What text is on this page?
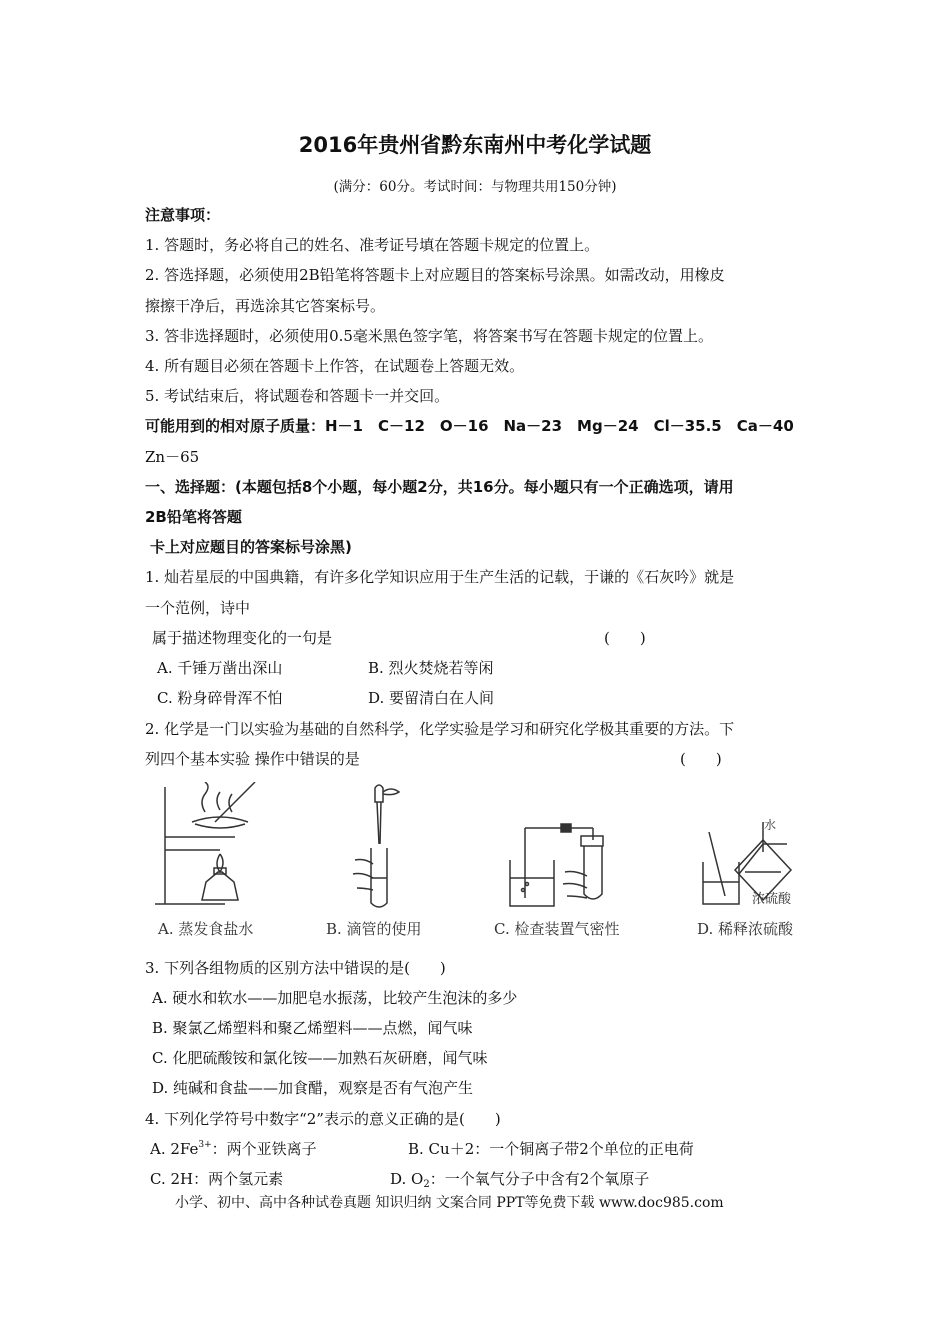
2016年贵州省黔东南州中考化学试题
(满分：60分。考试时间：与物理共用150分钟)
注意事项：
1. 答题时，务必将自己的姓名、准考证号填在答题卡规定的位置上。
2. 答选择题，必须使用2B铅笔将答题卡上对应题目的答案标号涂黑。如需改动，用橡皮
擦擦干净后，再选涂其它答案标号。
3. 答非选择题时，必须使用0.5毫米黑色签字笔，将答案书写在答题卡规定的位置上。
4. 所有题目必须在答题卡上作答，在试题卷上答题无效。
5. 考试结束后，将试题卷和答题卡一并交回。
可能用到的相对原子质量：H－1　C－12　O－16　Na－23　Mg－24　Cl－35.5　Ca－40
Zn－65
一、选择题：(本题包括8个小题，每小题2分，共16分。每小题只有一个正确选项，请用
2B铅笔将答题
卡上对应题目的答案标号涂黑)
1. 灿若星辰的中国典籍，有许多化学知识应用于生产生活的记载，于谦的《石灰吟》就是
一个范例，诗中
属于描述物理变化的一句是	(　　)
A. 千锤万凿出深山	B. 烈火焚烧若等闲
C. 粉身碎骨浑不怕	D. 要留清白在人间
2. 化学是一门以实验为基础的自然科学，化学实验是学习和研究化学极其重要的方法。下
列四个基本实验 操作中错误的是	(　　)
A. 蒸发食盐水	B. 滴管的使用	C. 检查装置气密性
水
浓硫酸
D. 稀释浓硫酸
3. 下列各组物质的区别方法中错误的是(　　)
A. 硬水和软水——加肥皂水振荡，比较产生泡沫的多少
B. 聚氯乙烯塑料和聚乙烯塑料——点燃，闻气味
C. 化肥硫酸铵和氯化铵——加熟石灰研磨，闻气味
D. 纯碱和食盐——加食醋，观察是否有气泡产生
4. 下列化学符号中数字“2”表示的意义正确的是(　　)
A. $2Fe^{3+}$：两个亚铁离子	B. Cu＋2：一个铜离子带2个单位的正电荷
C. 2H：两个氢元素	D. $O_2$：一个氧气分子中含有2个氧原子
小学、初中、高中各种试卷真题 知识归纳 文案合同 PPT等免费下载 www.doc985.com
